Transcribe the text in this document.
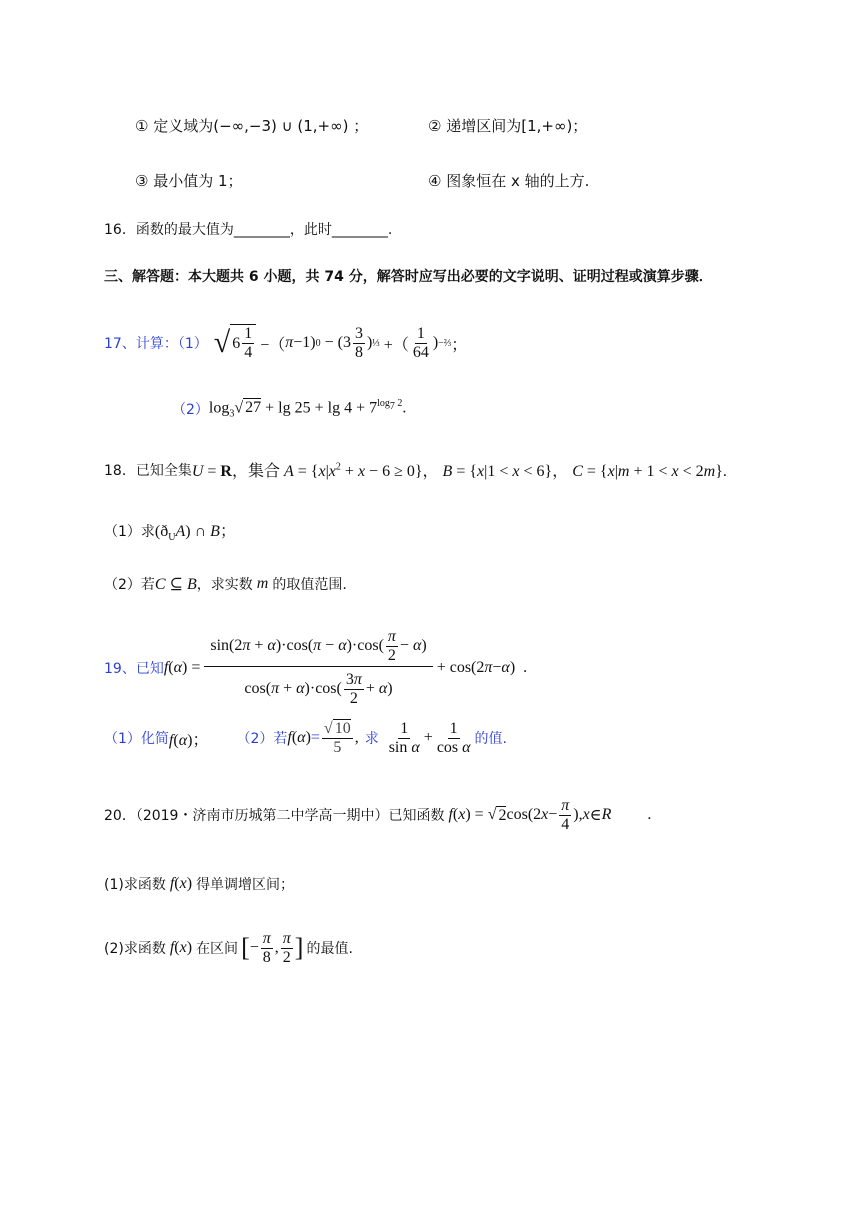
① 定义域为(−∞,−3) ∪ (1,+∞) ；	② 递增区间为[1,+∞)；
③ 最小值为 1；	④ 图象恒在 x 轴的上方.
16．函数的最大值为________，此时________.
三、解答题：本大题共 6 小题，共 74 分，解答时应写出必要的文字说明、证明过程或演算步骤．
17、计算：（1） √ $6 \frac{1}{4}$ −（ π −1) $0 - (3 \frac{3}{8}$ ) ⅓ +（ $\frac{1}{64}$ ) −⅔ ；
（2） $\log_3√$ $27 + \lg 25 + \lg 4 + 7^{log_7 2}$.
18．已知全集 U = R，集合 $A = \{x|x^2 + x - 6 \ge 0\}$， B = {x|1 < x < 6}， C = {x|m + 1 < x < 2m}.
（1）求 $(ð_UA)$ ∩ B；
（2）若 C ⊆ B ，求实数 m 的取值范围.
19、已知 f ( α ) = $\frac{\sin(2\pi + \alpha)\cdot\cos(\pi - \alpha)\cdot\cos( \frac{\pi}{2} - \alpha)}{\cos(\pi + \alpha)\cdot\cos( \frac{3\pi}{2} + \alpha)} + \cos(2$ π − α )  .
（1）化简 f(α)； （2）若 f ( α ) = $\frac{√ 10}{5}$ , 求 $\frac{1}{\text{sin α}} + \frac{1}{\text{cos α}}$ 的值.
20．（2019・济南市历城第二中学高一期中）已知函数
f ( x ) = √ 2 cos(2 $x - \frac{\pi}{4}$ ), x ∈ R .
(1)求函数 f(x) 得单调增区间；
(2)求函数 f(x) 在区间 [ − $\frac{\pi}{8}$ , $\frac{\pi}{2}$ ] 的最值.
